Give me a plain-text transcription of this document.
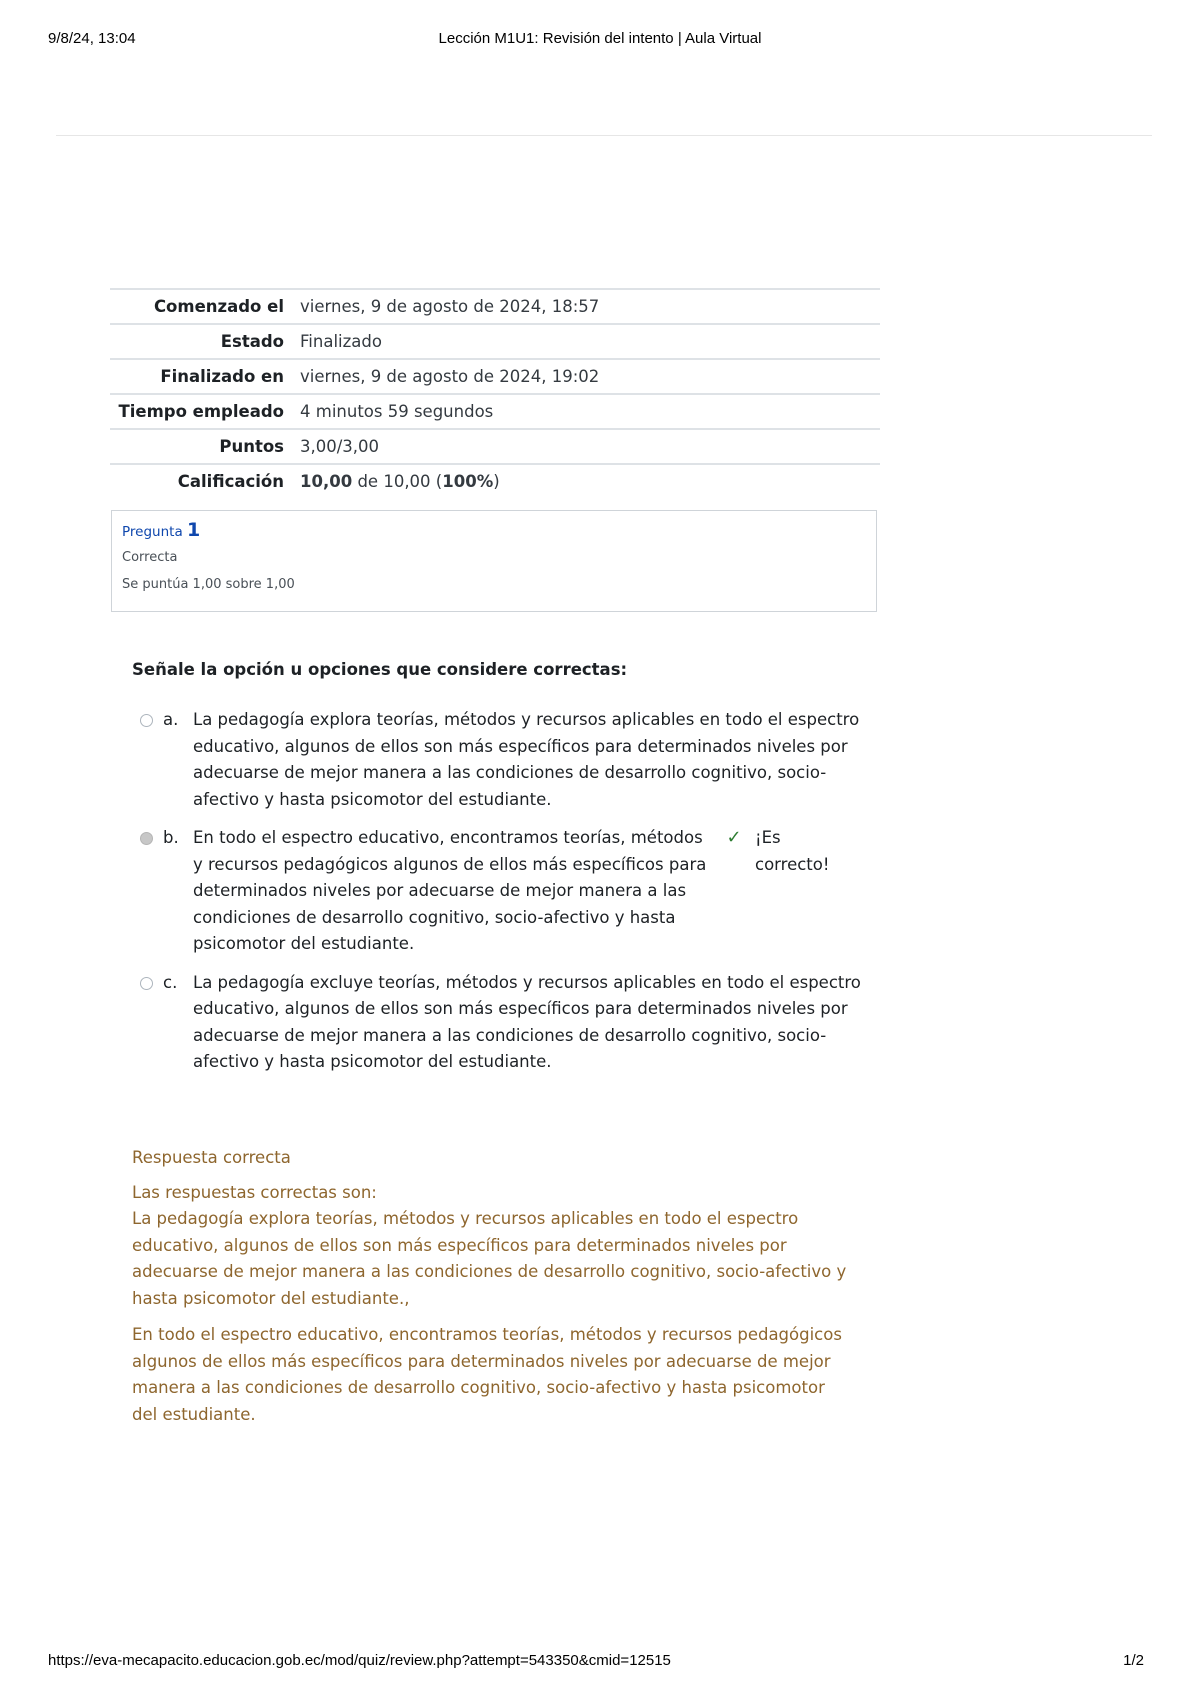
9/8/24, 13:04	Lección M1U1: Revisión del intento | Aula Virtual
Comenzado el	viernes, 9 de agosto de 2024, 18:57
Estado	Finalizado
Finalizado en	viernes, 9 de agosto de 2024, 19:02
Tiempo empleado	4 minutos 59 segundos
Puntos	3,00/3,00
Calificación	10,00 de 10,00 (100%)
Pregunta 1
Correcta
Se puntúa 1,00 sobre 1,00
Señale la opción u opciones que considere correctas:
a. La pedagogía explora teorías, métodos y recursos aplicables en todo el espectro educativo, algunos de ellos son más específicos para determinados niveles por adecuarse de mejor manera a las condiciones de desarrollo cognitivo, socio-afectivo y hasta psicomotor del estudiante.
b. En todo el espectro educativo, encontramos teorías, métodos y recursos pedagógicos algunos de ellos más específicos para determinados niveles por adecuarse de mejor manera a las condiciones de desarrollo cognitivo, socio-afectivo y hasta psicomotor del estudiante.
✓ ¡Es correcto!
c. La pedagogía excluye teorías, métodos y recursos aplicables en todo el espectro educativo, algunos de ellos son más específicos para determinados niveles por adecuarse de mejor manera a las condiciones de desarrollo cognitivo, socio-afectivo y hasta psicomotor del estudiante.

Respuesta correcta

Las respuestas correctas son:

La pedagogía explora teorías, métodos y recursos aplicables en todo el espectro educativo, algunos de ellos son más específicos para determinados niveles por adecuarse de mejor manera a las condiciones de desarrollo cognitivo, socio-afectivo y hasta psicomotor del estudiante.,

En todo el espectro educativo, encontramos teorías, métodos y recursos pedagógicos algunos de ellos más específicos para determinados niveles por adecuarse de mejor manera a las condiciones de desarrollo cognitivo, socio-afectivo y hasta psicomotor del estudiante.

https://eva-mecapacito.educacion.gob.ec/mod/quiz/review.php?attempt=543350&cmid=12515	1/2
